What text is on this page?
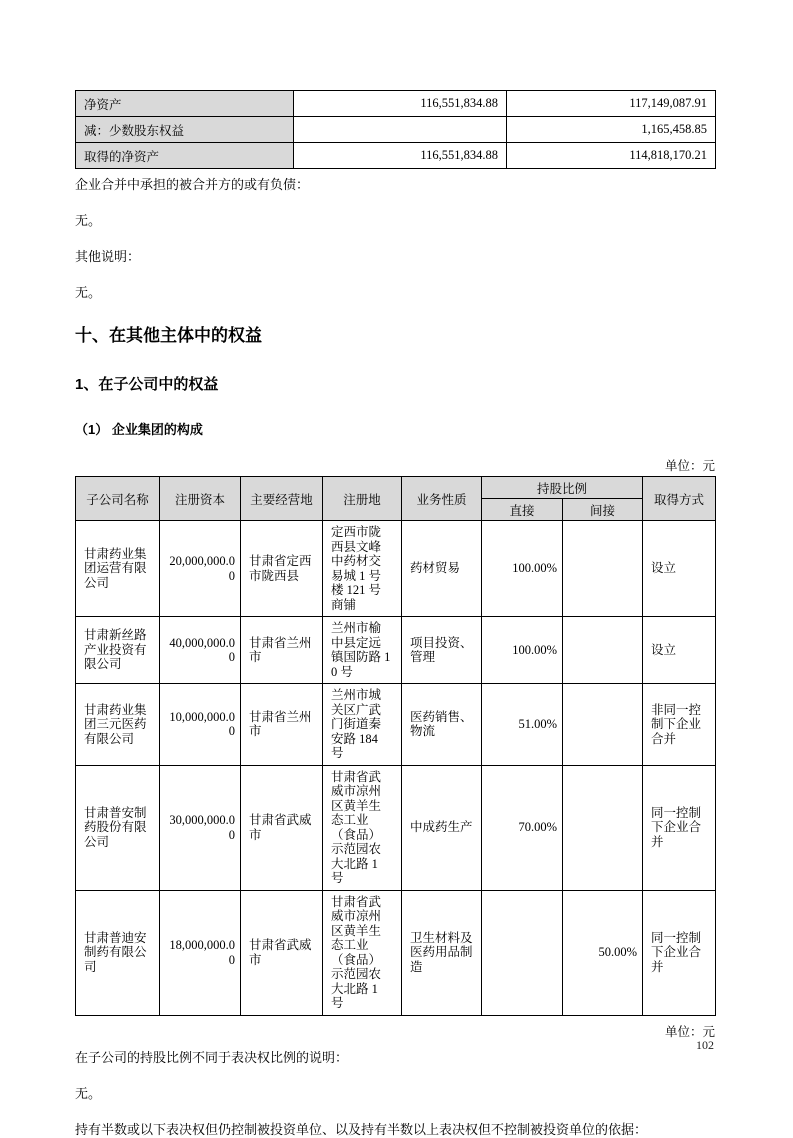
净资产	116,551,834.88	117,149,087.91
减：少数股东权益		1,165,458.85
取得的净资产	116,551,834.88	114,818,170.21

企业合并中承担的被合并方的或有负债：

无。

其他说明：

无。

十、在其他主体中的权益
1、在子公司中的权益
（1） 企业集团的构成
单位：元
子公司名称	注册资本	主要经营地	注册地	业务性质	持股比例		取得方式
					直接	间接	
甘肃药业集团运营有限公司	20,000,000.00	甘肃省定西市陇西县	定西市陇西县文峰中药材交易城 1 号楼 121 号商铺	药材贸易	100.00%		设立
甘肃新丝路产业投资有限公司	40,000,000.00	甘肃省兰州市	兰州市榆中县定远镇国防路 10 号	项目投资、管理	100.00%		设立
甘肃药业集团三元医药有限公司	10,000,000.00	甘肃省兰州市	兰州市城关区广武门街道秦安路 184 号	医药销售、物流	51.00%		非同一控制下企业合并
甘肃普安制药股份有限公司	30,000,000.00	甘肃省武威市	甘肃省武威市凉州区黄羊生态工业（食品）示范园农大北路 1 号	中成药生产	70.00%		同一控制下企业合并
甘肃普迪安制药有限公司	18,000,000.00	甘肃省武威市	甘肃省武威市凉州区黄羊生态工业（食品）示范园农大北路 1 号	卫生材料及医药用品制造		50.00%	同一控制下企业合并
单位：元

在子公司的持股比例不同于表决权比例的说明：

无。

持有半数或以下表决权但仍控制被投资单位、以及持有半数以上表决权但不控制被投资单位的依据：

102
